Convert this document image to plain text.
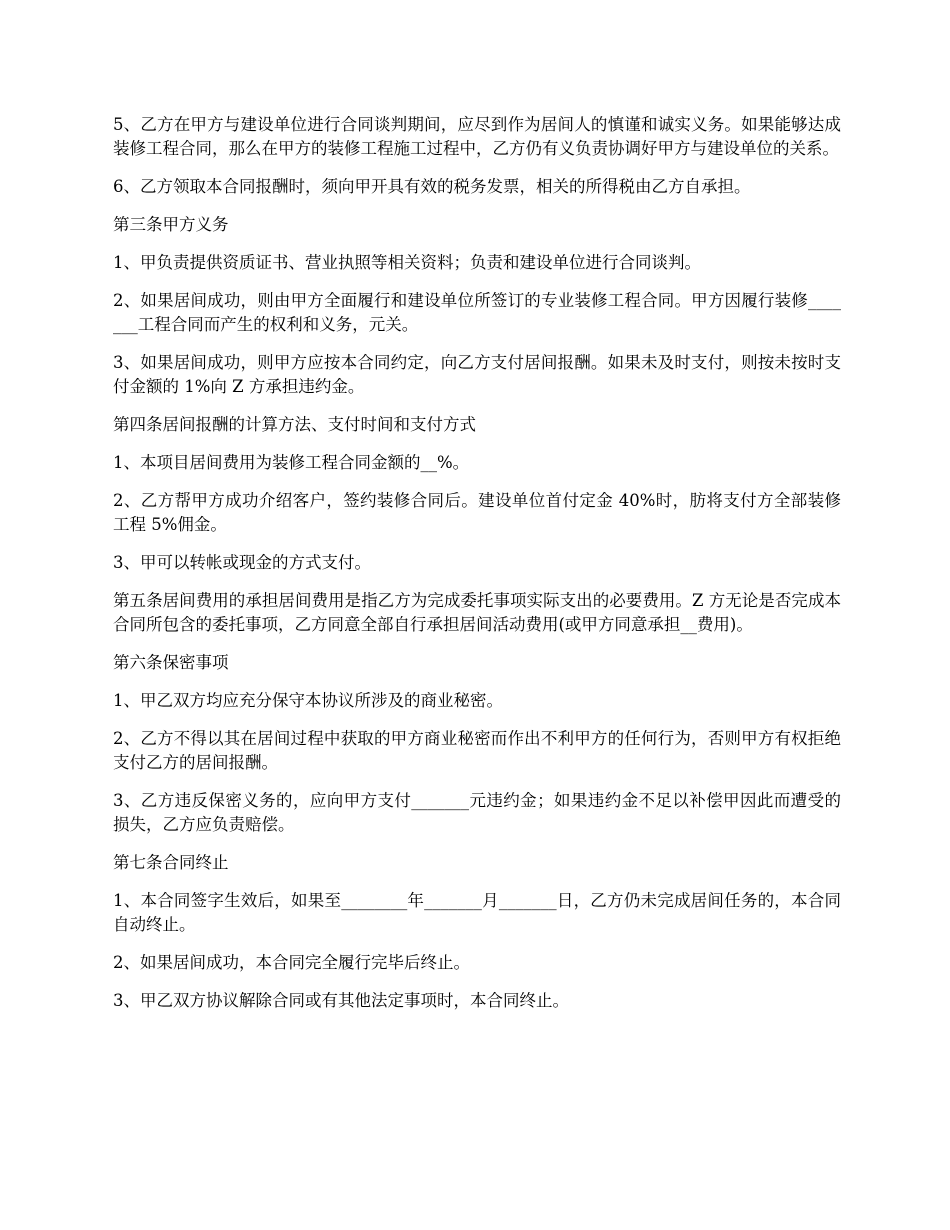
5、乙方在甲方与建设单位进行合同谈判期间，应尽到作为居间人的慎谨和诚实义务。如果能够达成装修工程合同，那么在甲方的装修工程施工过程中，乙方仍有义负责协调好甲方与建设单位的关系。

6、乙方领取本合同报酬时，须向甲开具有效的税务发票，相关的所得税由乙方自承担。

第三条甲方义务

1、甲负责提供资质证书、营业执照等相关资料；负责和建设单位进行合同谈判。

2、如果居间成功，则由甲方全面履行和建设单位所签订的专业装修工程合同。甲方因履行装修_______工程合同而产生的权利和义务，元关。

3、如果居间成功，则甲方应按本合同约定，向乙方支付居间报酬。如果未及时支付，则按未按时支付金额的 1%向 Z 方承担违约金。

第四条居间报酬的计算方法、支付时间和支付方式

1、本项目居间费用为装修工程合同金额的__%。

2、乙方帮甲方成功介绍客户，签约装修合同后。建设单位首付定金 40%时，肪将支付方全部装修工程 5%佣金。

3、甲可以转帐或现金的方式支付。

第五条居间费用的承担居间费用是指乙方为完成委托事项实际支出的必要费用。Z 方无论是否完成本合同所包含的委托事项，乙方同意全部自行承担居间活动费用(或甲方同意承担__费用)。

第六条保密事项

1、甲乙双方均应充分保守本协议所涉及的商业秘密。

2、乙方不得以其在居间过程中获取的甲方商业秘密而作出不利甲方的任何行为，否则甲方有权拒绝支付乙方的居间报酬。

3、乙方违反保密义务的，应向甲方支付_______元违约金；如果违约金不足以补偿甲因此而遭受的损失，乙方应负责赔偿。

第七条合同终止

1、本合同签字生效后，如果至________年_______月_______日，乙方仍未完成居间任务的，本合同自动终止。

2、如果居间成功，本合同完全履行完毕后终止。

3、甲乙双方协议解除合同或有其他法定事项时，本合同终止。
